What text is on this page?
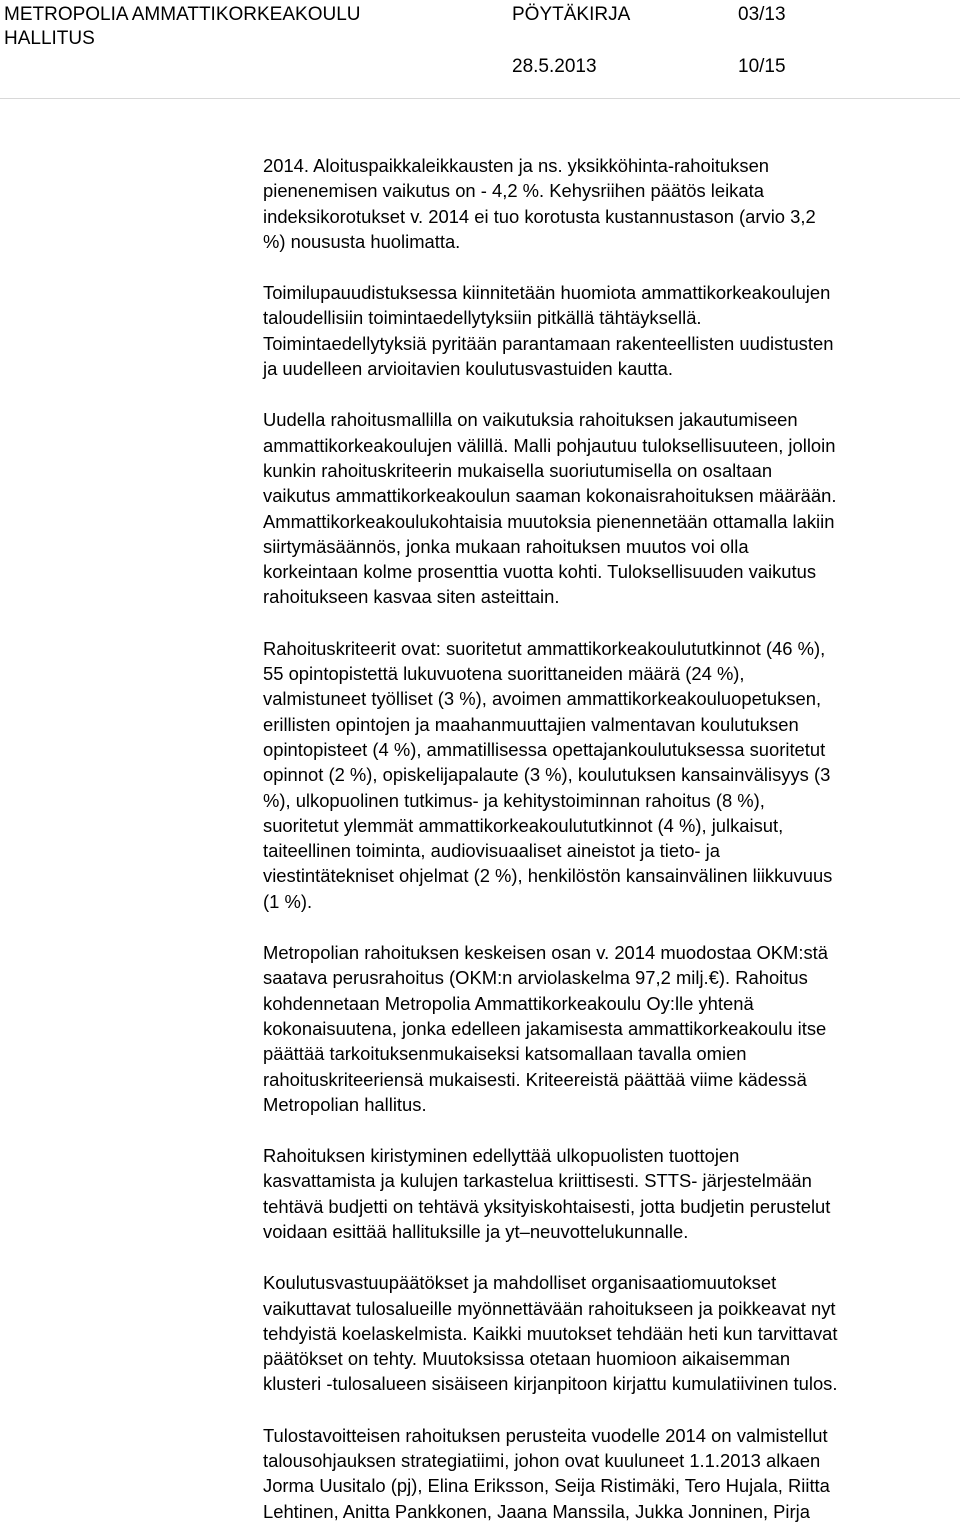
METROPOLIA AMMATTIKORKEAKOULU	PÖYTÄKIRJA	03/13
HALLITUS
28.5.2013	10/15

2014. Aloituspaikkaleikkausten ja ns. yksikköhinta-rahoituksen
pienenemisen vaikutus on - 4,2 %. Kehysriihen päätös leikata
indeksikorotukset v. 2014 ei tuo korotusta kustannustason (arvio 3,2
%) noususta huolimatta.

Toimilupauudistuksessa kiinnitetään huomiota ammattikorkeakoulujen
taloudellisiin toimintaedellytyksiin pitkällä tähtäyksellä.

Toimintaedellytyksiä pyritään parantamaan rakenteellisten uudistusten
ja uudelleen arvioitavien koulutusvastuiden kautta.

Uudella rahoitusmallilla on vaikutuksia rahoituksen jakautumiseen
ammattikorkeakoulujen välillä. Malli pohjautuu tuloksellisuuteen, jolloin
kunkin rahoituskriteerin mukaisella suoriutumisella on osaltaan
vaikutus ammattikorkeakoulun saaman kokonaisrahoituksen määrään.
Ammattikorkeakoulukohtaisia muutoksia pienennetään ottamalla lakiin
siirtymäsäännös, jonka mukaan rahoituksen muutos voi olla
korkeintaan kolme prosenttia vuotta kohti. Tuloksellisuuden vaikutus
rahoitukseen kasvaa siten asteittain.

Rahoituskriteerit ovat: suoritetut ammattikorkeakoulututkinnot (46 %),
55 opintopistettä lukuvuotena suorittaneiden määrä (24 %),
valmistuneet työlliset (3 %), avoimen ammattikorkeakouluopetuksen,
erillisten opintojen ja maahanmuuttajien valmentavan koulutuksen
opintopisteet (4 %), ammatillisessa opettajankoulutuksessa suoritetut
opinnot (2 %), opiskelijapalaute (3 %), koulutuksen kansainvälisyys (3
%), ulkopuolinen tutkimus- ja kehitystoiminnan rahoitus (8 %),
suoritetut ylemmät ammattikorkeakoulututkinnot (4 %), julkaisut,
taiteellinen toiminta, audiovisuaaliset aineistot ja tieto- ja
viestintätekniset ohjelmat (2 %), henkilöstön kansainvälinen liikkuvuus
(1 %).

Metropolian rahoituksen keskeisen osan v. 2014 muodostaa OKM:stä
saatava perusrahoitus (OKM:n arviolaskelma 97,2 milj.€). Rahoitus
kohdennetaan Metropolia Ammattikorkeakoulu Oy:lle yhtenä
kokonaisuutena, jonka edelleen jakamisesta ammattikorkeakoulu itse
päättää tarkoituksenmukaiseksi katsomallaan tavalla omien
rahoituskriteeriensä mukaisesti. Kriteereistä päättää viime kädessä
Metropolian hallitus.

Rahoituksen kiristyminen edellyttää ulkopuolisten tuottojen
kasvattamista ja kulujen tarkastelua kriittisesti. STTS- järjestelmään
tehtävä budjetti on tehtävä yksityiskohtaisesti, jotta budjetin perustelut
voidaan esittää hallituksille ja yt–neuvottelukunnalle.

Koulutusvastuupäätökset ja mahdolliset organisaatiomuutokset
vaikuttavat tulosalueille myönnettävään rahoitukseen ja poikkeavat nyt
tehdyistä koelaskelmista. Kaikki muutokset tehdään heti kun tarvittavat
päätökset on tehty. Muutoksissa otetaan huomioon aikaisemman
klusteri -tulosalueen sisäiseen kirjanpitoon kirjattu kumulatiivinen tulos.

Tulostavoitteisen rahoituksen perusteita vuodelle 2014 on valmistellut
talousohjauksen strategiatiimi, johon ovat kuuluneet 1.1.2013 alkaen
Jorma Uusitalo (pj), Elina Eriksson, Seija Ristimäki, Tero Hujala, Riitta
Lehtinen, Anitta Pankkonen, Jaana Manssila, Jukka Jonninen, Pirja
